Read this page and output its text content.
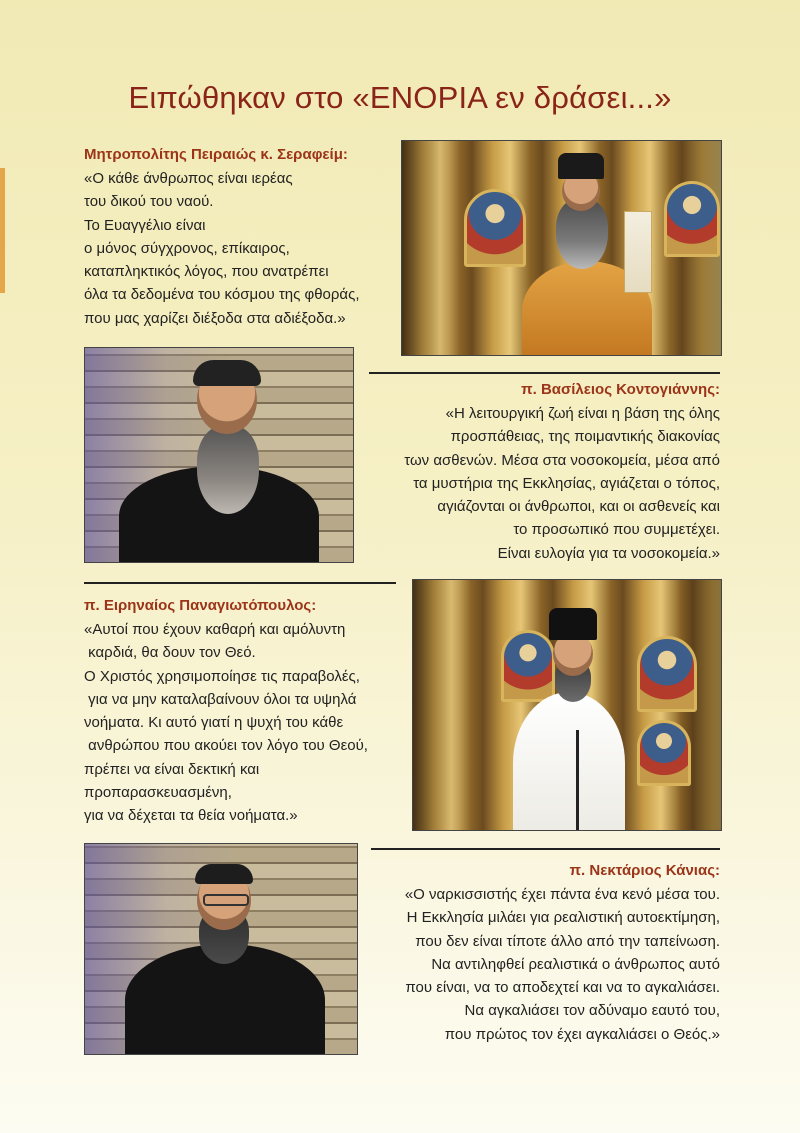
Ειπώθηκαν στο «ΕΝΟΡΙΑ εν δράσει...»
Μητροπολίτης Πειραιώς κ. Σεραφείμ:
«Ο κάθε άνθρωπος είναι ιερέας
του δικού του ναού.
Το Ευαγγέλιο είναι
ο μόνος σύγχρονος, επίκαιρος,
καταπληκτικός λόγος, που ανατρέπει
όλα τα δεδομένα του κόσμου της φθοράς,
που μας χαρίζει διέξοδα στα αδιέξοδα.»
π. Βασίλειος Κοντογιάννης:
«Η λειτουργική ζωή είναι η βάση της όλης
προσπάθειας, της ποιμαντικής διακονίας
των ασθενών. Μέσα στα νοσοκομεία, μέσα από
τα μυστήρια της Εκκλησίας, αγιάζεται ο τόπος,
αγιάζονται οι άνθρωποι, και οι ασθενείς και
το προσωπικό που συμμετέχει.
Είναι ευλογία για τα νοσοκομεία.»
π. Ειρηναίος Παναγιωτόπουλος:
«Αυτοί που έχουν καθαρή και αμόλυντη
καρδιά, θα δουν τον Θεό.
Ο Χριστός χρησιμοποίησε τις παραβολές,
για να μην καταλαβαίνουν όλοι τα υψηλά
νοήματα. Κι αυτό γιατί η ψυχή του κάθε
ανθρώπου που ακούει τον λόγο του Θεού,
πρέπει να είναι δεκτική και
προπαρασκευασμένη,
για να δέχεται τα θεία νοήματα.»
π. Νεκτάριος Κάνιας:
«Ο ναρκισσιστής έχει πάντα ένα κενό μέσα του.
Η Εκκλησία μιλάει για ρεαλιστική αυτοεκτίμηση,
που δεν είναι τίποτε άλλο από την ταπείνωση.
Να αντιληφθεί ρεαλιστικά ο άνθρωπος αυτό
που είναι, να το αποδεχτεί και να το αγκαλιάσει.
Να αγκαλιάσει τον αδύναμο εαυτό του,
που πρώτος τον έχει αγκαλιάσει ο Θεός.»
